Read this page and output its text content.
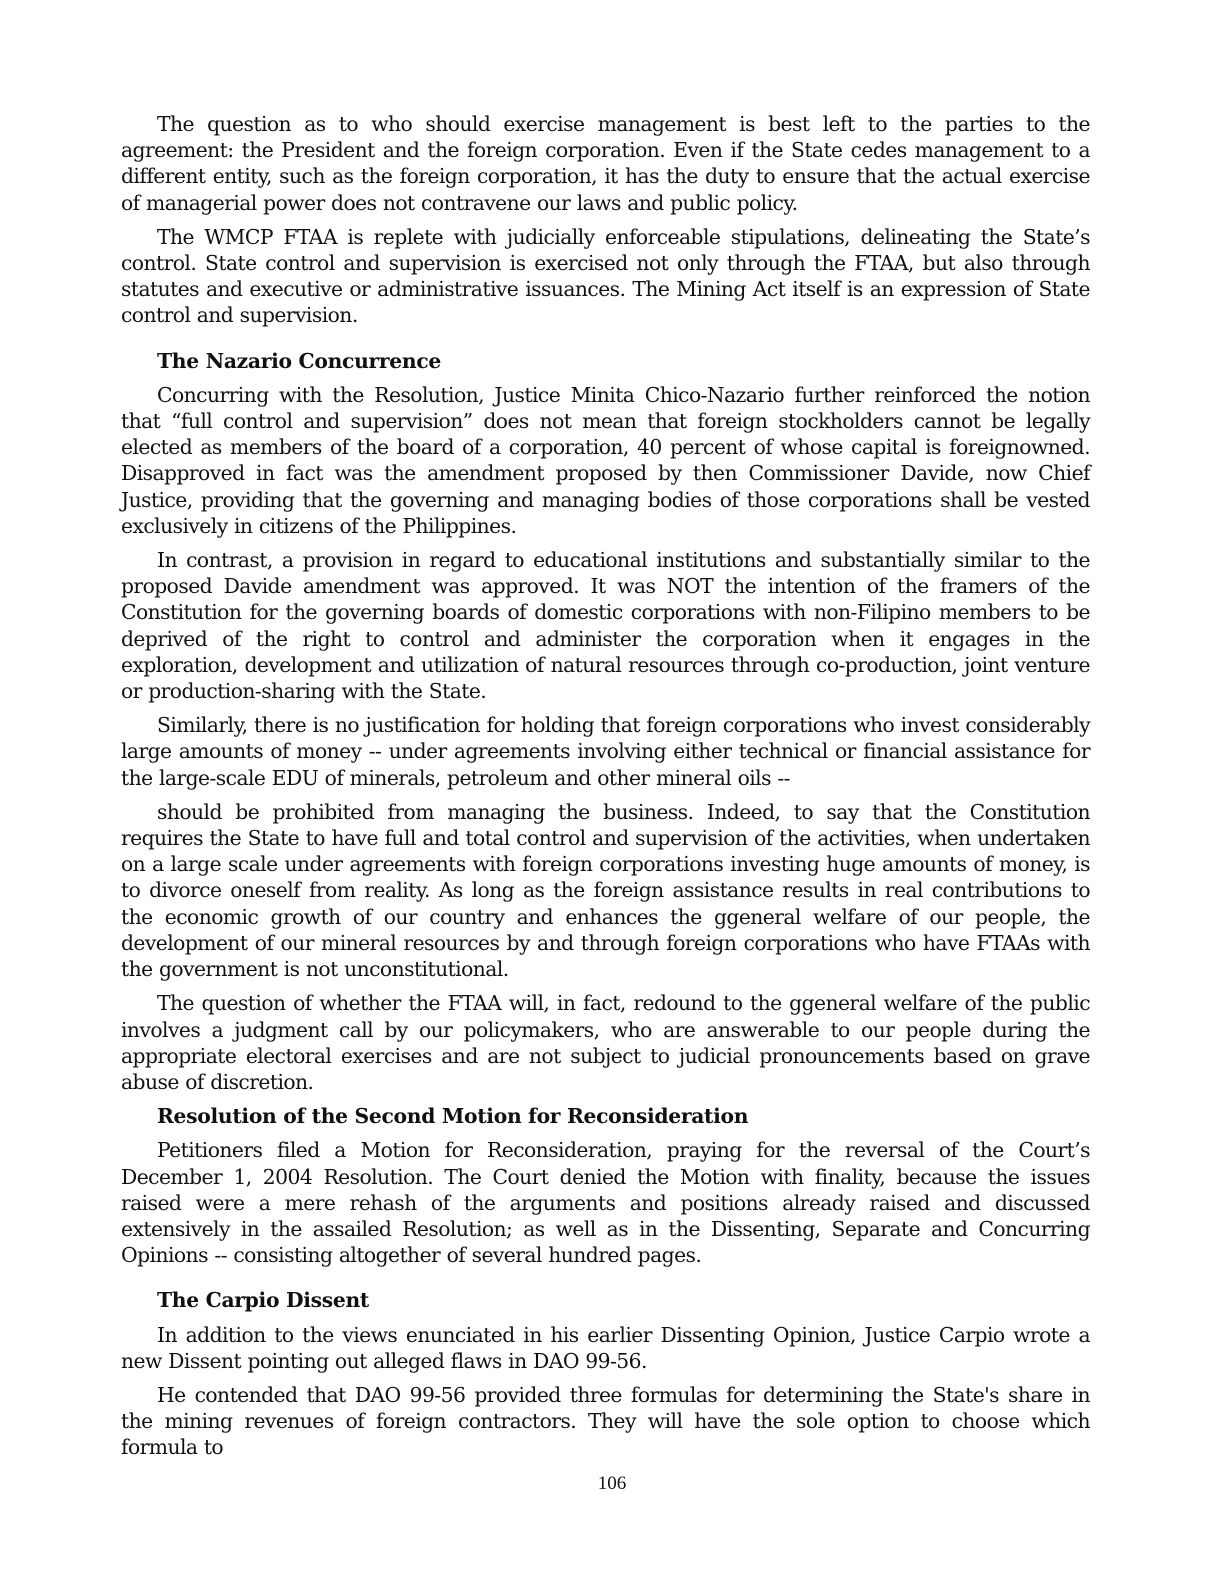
The question as to who should exercise management is best left to the parties to the agreement: the President and the foreign corporation. Even if the State cedes management to a different entity, such as the foreign corporation, it has the duty to ensure that the actual exercise of managerial power does not contravene our laws and public policy.

The WMCP FTAA is replete with judicially enforceable stipulations, delineating the State’s control. State control and supervision is exercised not only through the FTAA, but also through statutes and executive or administrative issuances. The Mining Act itself is an expression of State control and supervision.

The Nazario Concurrence

Concurring with the Resolution, Justice Minita Chico-Nazario further reinforced the notion that “full control and supervision” does not mean that foreign stockholders cannot be legally elected as members of the board of a corporation, 40 percent of whose capital is foreignowned. Disapproved in fact was the amendment proposed by then Commissioner Davide, now Chief Justice, providing that the governing and managing bodies of those corporations shall be vested exclusively in citizens of the Philippines.

In contrast, a provision in regard to educational institutions and substantially similar to the proposed Davide amendment was approved. It was NOT the intention of the framers of the Constitution for the governing boards of domestic corporations with non-Filipino members to be deprived of the right to control and administer the corporation when it engages in the exploration, development and utilization of natural resources through co-production, joint venture or production-sharing with the State.

Similarly, there is no justification for holding that foreign corporations who invest considerably large amounts of money -- under agreements involving either technical or financial assistance for the large-scale EDU of minerals, petroleum and other mineral oils --

should be prohibited from managing the business. Indeed, to say that the Constitution requires the State to have full and total control and supervision of the activities, when undertaken on a large scale under agreements with foreign corporations investing huge amounts of money, is to divorce oneself from reality. As long as the foreign assistance results in real contributions to the economic growth of our country and enhances the ggeneral welfare of our people, the development of our mineral resources by and through foreign corporations who have FTAAs with the government is not unconstitutional.

The question of whether the FTAA will, in fact, redound to the ggeneral welfare of the public involves a judgment call by our policymakers, who are answerable to our people during the appropriate electoral exercises and are not subject to judicial pronouncements based on grave abuse of discretion.

Resolution of the Second Motion for Reconsideration

Petitioners filed a Motion for Reconsideration, praying for the reversal of the Court’s December 1, 2004 Resolution. The Court denied the Motion with finality, because the issues raised were a mere rehash of the arguments and positions already raised and discussed extensively in the assailed Resolution; as well as in the Dissenting, Separate and Concurring Opinions -- consisting altogether of several hundred pages.

The Carpio Dissent

In addition to the views enunciated in his earlier Dissenting Opinion, Justice Carpio wrote a new Dissent pointing out alleged flaws in DAO 99-56.

He contended that DAO 99-56 provided three formulas for determining the State's share in the mining revenues of foreign contractors. They will have the sole option to choose which formula to

106
